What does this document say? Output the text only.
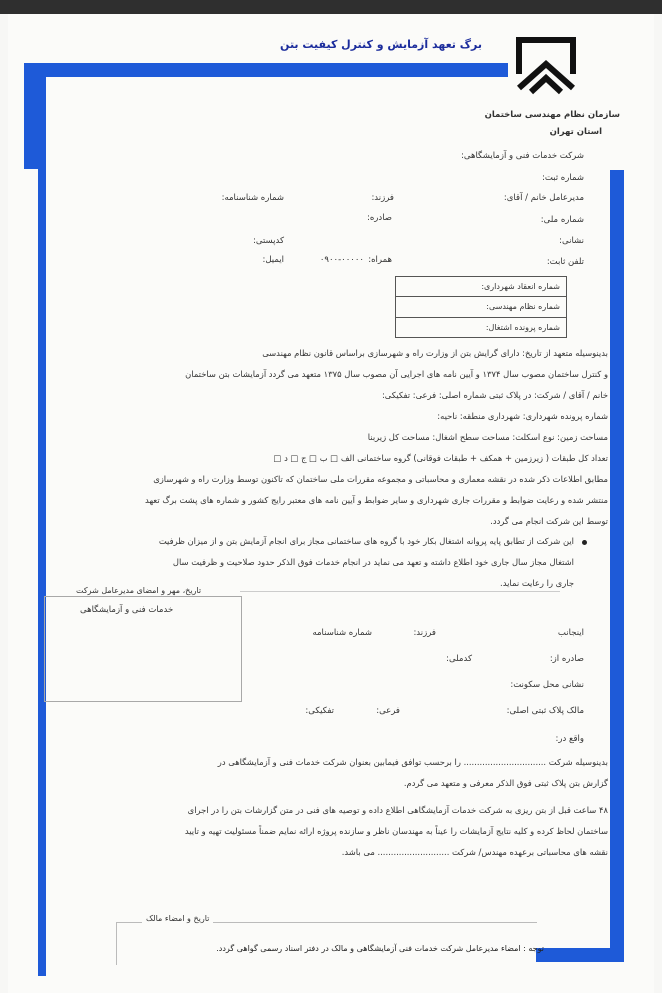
برگ تعهد آزمایش و کنترل کیفیت بتن
سازمان نظام مهندسی ساختمان
استان تهران
شرکت خدمات فنی و آزمایشگاهی:
شماره ثبت:
مدیرعامل خانم / آقای:
فرزند:
شماره شناسنامه:
شماره ملی:
صادره:
نشانی:
کدپستی:
تلفن ثابت:
همراه:
۰۹۰۰-۰۰۰۰۰
ایمیل:
شماره انعقاد شهرداری:
شماره نظام مهندسی:
شماره پرونده اشتغال:
بدینوسیله متعهد از تاریخ: دارای گرایش بتن از وزارت راه و شهرسازی براساس قانون نظام مهندسی
و کنترل ساختمان مصوب سال ۱۳۷۴ و آیین نامه های اجرایی آن مصوب سال ۱۳۷۵ متعهد می گردد آزمایشات بتن ساختمان
خانم / آقای / شرکت: در پلاک ثبتی شماره اصلی: فرعی: تفکیکی:
شماره پرونده شهرداری: شهرداری منطقه: ناحیه:
مساحت زمین: نوع اسکلت: مساحت سطح اشغال: مساحت کل زیربنا
تعداد کل طبقات ( زیرزمین + همکف + طبقات فوقانی) گروه ساختمانی الف □ ب □ ج □ د □
مطابق اطلاعات ذکر شده در نقشه معماری و محاسباتی و مجموعه مقررات ملی ساختمان که تاکنون توسط وزارت راه و شهرسازی
منتشر شده و رعایت ضوابط و مقررات جاری شهرداری و سایر ضوابط و آیین نامه های معتبر رایج کشور و شماره های پشت برگ تعهد
توسط این شرکت انجام می گردد.
این شرکت از تطابق پایه پروانه اشتغال بکار خود با گروه های ساختمانی مجاز برای انجام آزمایش بتن و از میزان ظرفیت
اشتغال مجاز سال جاری خود اطلاع داشته و تعهد می نماید در انجام خدمات فوق الذکر حدود صلاحیت و ظرفیت سال
جاری را رعایت نماید.
تاریخ، مهر و امضای مدیرعامل شرکت
خدمات فنی و آزمایشگاهی
اینجانب
فرزند:
شماره شناسنامه
صادره از:
کدملی:
نشانی محل سکونت:
مالک پلاک ثبتی اصلی:
فرعی:
تفکیکی:
واقع در:
بدینوسیله شرکت ............................... را برحسب توافق فیمابین بعنوان شرکت خدمات فنی و آزمایشگاهی در
گزارش بتن پلاک ثبتی فوق الذکر معرفی و متعهد می گردم.
۴۸ ساعت قبل از بتن ریزی به شرکت خدمات آزمایشگاهی اطلاع داده و توصیه های فنی در متن گزارشات بتن را در اجرای
ساختمان لحاظ کرده و کلیه نتایج آزمایشات را عیناً به مهندسان ناظر و سازنده پروژه ارائه نمایم ضمناً مسئولیت تهیه و تایید
نقشه های محاسباتی برعهده مهندس/ شرکت ........................... می باشد.
تاریخ و امضاء مالک
توجه : امضاء مدیرعامل شرکت خدمات فنی آزمایشگاهی و مالک در دفتر اسناد رسمی گواهی گردد.
